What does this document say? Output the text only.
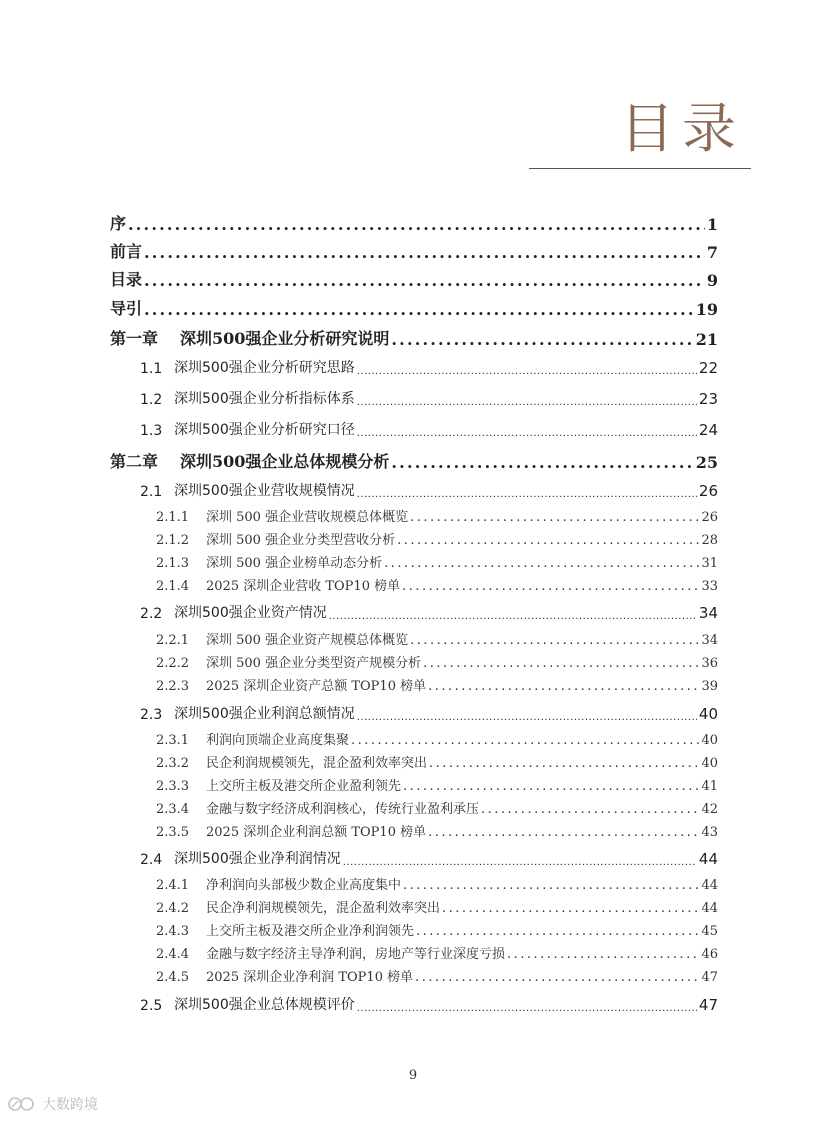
目录
序 .....	1
前言 .....	7
目录 .....	9
导引 .....	19
第一章	深圳500强企业分析研究说明 .....	21
1.1 深圳500强企业分析研究思路 .....	22
1.2 深圳500强企业分析指标体系 .....	23
1.3 深圳500强企业分析研究口径 .....	24
第二章	深圳500强企业总体规模分析 .....	25
2.1 深圳500强企业营收规模情况 .....	26
2.1.1	深圳 500 强企业营收规模总体概览 .....	26
2.1.2	深圳 500 强企业分类型营收分析 .....	28
2.1.3	深圳 500 强企业榜单动态分析 .....	31
2.1.4	2025 深圳企业营收 TOP10 榜单 .....	33
2.2 深圳500强企业资产情况 .....	34
2.2.1	深圳 500 强企业资产规模总体概览 .....	34
2.2.2	深圳 500 强企业分类型资产规模分析 .....	36
2.2.3	2025 深圳企业资产总额 TOP10 榜单 .....	39
2.3 深圳500强企业利润总额情况 .....	40
2.3.1	利润向顶端企业高度集聚 .....	40
2.3.2	民企利润规模领先，混企盈利效率突出 .....	40
2.3.3	上交所主板及港交所企业盈利领先 .....	41
2.3.4	金融与数字经济成利润核心，传统行业盈利承压 .....	42
2.3.5	2025 深圳企业利润总额 TOP10 榜单 .....	43
2.4 深圳500强企业净利润情况 .....	44
2.4.1	净利润向头部极少数企业高度集中 .....	44
2.4.2	民企净利润规模领先，混企盈利效率突出 .....	44
2.4.3	上交所主板及港交所企业净利润领先 .....	45
2.4.4	金融与数字经济主导净利润，房地产等行业深度亏损 .....	46
2.4.5	2025 深圳企业净利润 TOP10 榜单 .....	47
2.5 深圳500强企业总体规模评价 .....	47
9
大数跨境
